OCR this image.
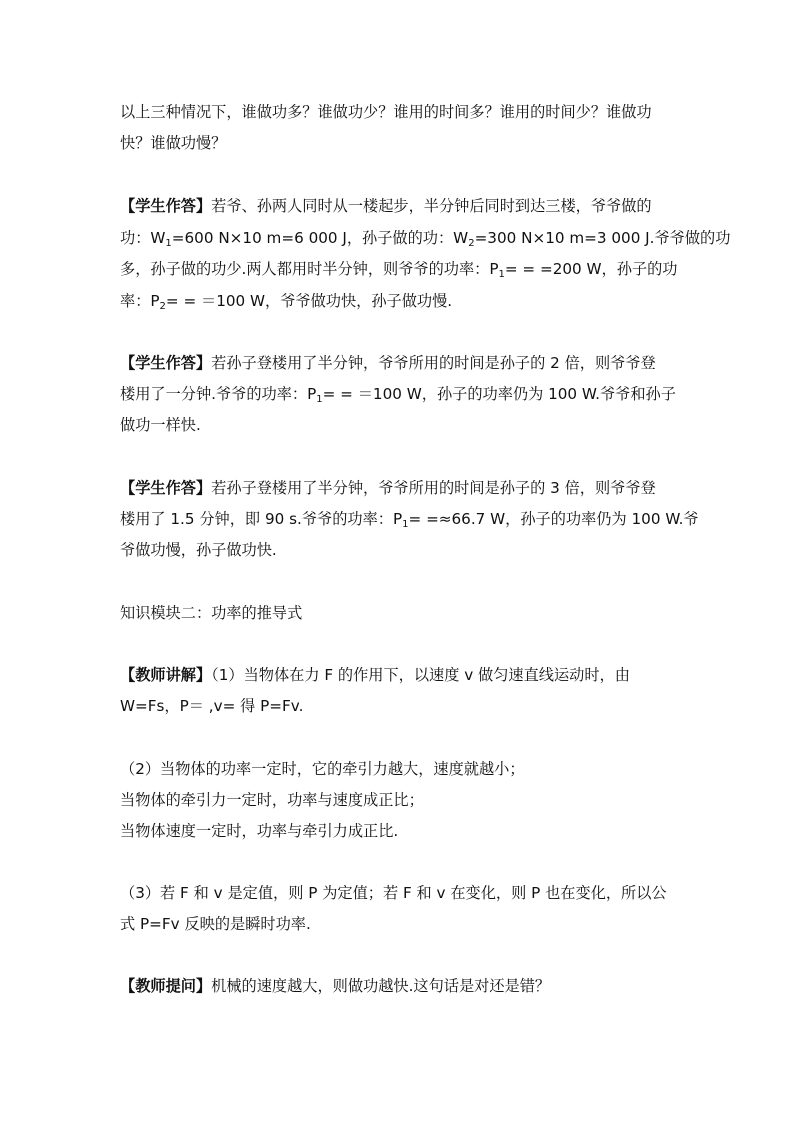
以上三种情况下，谁做功多？谁做功少？谁用的时间多？谁用的时间少？谁做功
快？谁做功慢？
【学生作答】若爷、孙两人同时从一楼起步，半分钟后同时到达三楼，爷爷做的
功：$W_1=600$ N×10 m=6 000 J，孙子做的功：$W_2=300$ N×10 m=3 000 J.爷爷做的功
多，孙子做的功少.两人都用时半分钟，则爷爷的功率：$P_1= = =200$ W，孙子的功
率：$P_2= = =100$ W，爷爷做功快，孙子做功慢.
【学生作答】若孙子登楼用了半分钟，爷爷所用的时间是孙子的 2 倍，则爷爷登
楼用了一分钟.爷爷的功率：$P_1= = =100$ W，孙子的功率仍为 100 W.爷爷和孙子
做功一样快.
【学生作答】若孙子登楼用了半分钟，爷爷所用的时间是孙子的 3 倍，则爷爷登
楼用了 1.5 分钟，即 90 s.爷爷的功率：$P_1= =\approx 66.7$ W，孙子的功率仍为 100 W.爷
爷做功慢，孙子做功快.
知识模块二：功率的推导式
【教师讲解】（1）当物体在力 F 的作用下，以速度 v 做匀速直线运动时，由
W=Fs，P＝ ,v= 得 P=Fv.
（2）当物体的功率一定时，它的牵引力越大，速度就越小；
当物体的牵引力一定时，功率与速度成正比；
当物体速度一定时，功率与牵引力成正比.
（3）若 F 和 v 是定值，则 P 为定值；若 F 和 v 在变化，则 P 也在变化，所以公
式 P=Fv 反映的是瞬时功率.
【教师提问】机械的速度越大，则做功越快.这句话是对还是错？
